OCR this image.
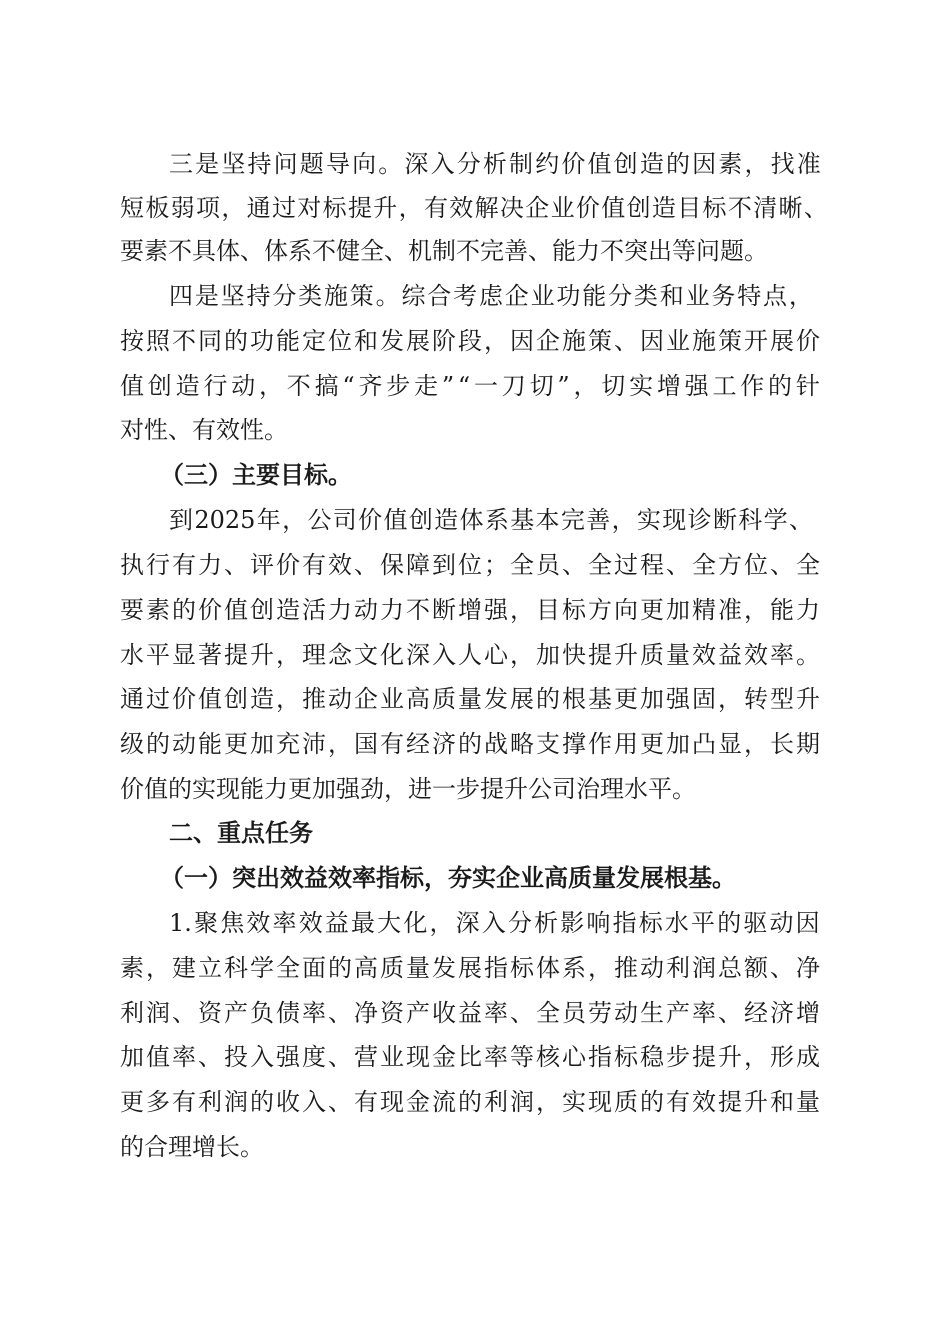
三 是 坚 持 问 题 导 向 。 深 入 分 析 制 约 价 值 创 造 的 因 素 ， 找 准
短 板 弱 项 ， 通 过 对 标 提 升 ， 有 效 解 决 企 业 价 值 创 造 目 标 不 清 晰 、
要素不具体、体系不健全、机制不完善、能力不突出等问题。
四 是 坚 持 分 类 施 策 。 综 合 考 虑 企 业 功 能 分 类 和 业 务 特 点 ，
按 照 不 同 的 功 能 定 位 和 发 展 阶 段 ， 因 企 施 策 、 因 业 施 策 开 展 价
值 创 造 行 动 ， 不 搞 “ 齐 步 走 ” “ 一 刀 切 ” ， 切 实 增 强 工 作 的 针
对性、有效性。
（三）主要目标。
到 2025 年 ， 公 司 价 值 创 造 体 系 基 本 完 善 ， 实 现 诊 断 科 学 、
执 行 有 力 、 评 价 有 效 、 保 障 到 位 ； 全 员 、 全 过 程 、 全 方 位 、 全
要 素 的 价 值 创 造 活 力 动 力 不 断 增 强 ， 目 标 方 向 更 加 精 准 ， 能 力
水 平 显 著 提 升 ， 理 念 文 化 深 入 人 心 ， 加 快 提 升 质 量 效 益 效 率 。
通 过 价 值 创 造 ， 推 动 企 业 高 质 量 发 展 的 根 基 更 加 强 固 ， 转 型 升
级 的 动 能 更 加 充 沛 ， 国 有 经 济 的 战 略 支 撑 作 用 更 加 凸 显 ， 长 期
价值的实现能力更加强劲，进一步提升公司治理水平。
二、重点任务
（一）突出效益效率指标，夯实企业高质量发展根基。
1. 聚 焦 效 率 效 益 最 大 化 ， 深 入 分 析 影 响 指 标 水 平 的 驱 动 因
素 ， 建 立 科 学 全 面 的 高 质 量 发 展 指 标 体 系 ， 推 动 利 润 总 额 、 净
利 润 、 资 产 负 债 率 、 净 资 产 收 益 率 、 全 员 劳 动 生 产 率 、 经 济 增
加 值 率 、 投 入 强 度 、 营 业 现 金 比 率 等 核 心 指 标 稳 步 提 升 ， 形 成
更 多 有 利 润 的 收 入 、 有 现 金 流 的 利 润 ， 实 现 质 的 有 效 提 升 和 量
的合理增长。
